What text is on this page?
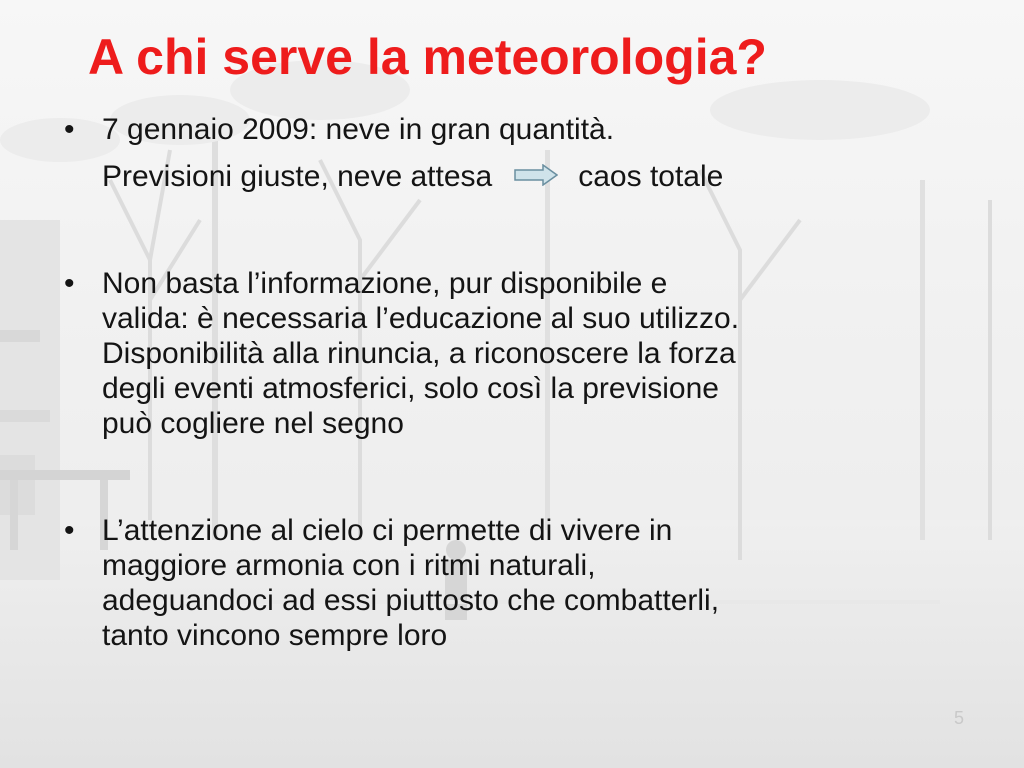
A chi serve la meteorologia?
• 7 gennaio 2009: neve in gran quantità.
Previsioni giuste, neve attesa	caos totale
• Non basta l’informazione, pur disponibile e
valida: è necessaria l’educazione al suo utilizzo.
Disponibilità alla rinuncia, a riconoscere la forza
degli eventi atmosferici, solo così la previsione
può cogliere nel segno
• L’attenzione al cielo ci permette di vivere in
maggiore armonia con i ritmi naturali,
adeguandoci ad essi piuttosto che combatterli,
tanto vincono sempre loro
5
